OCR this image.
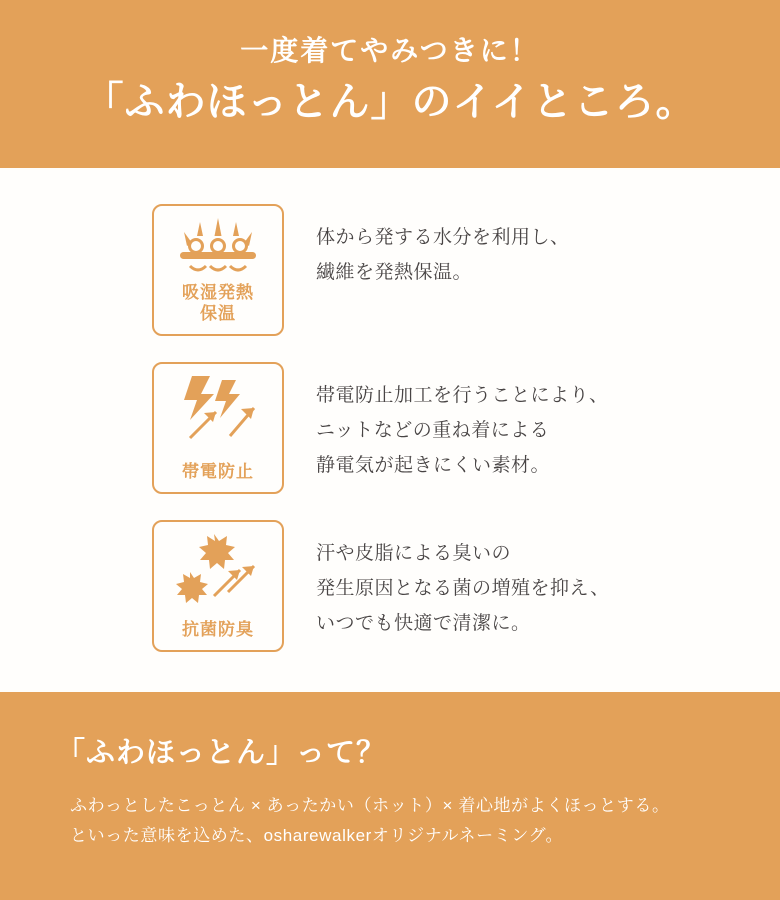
一度着てやみつきに！
「ふわほっとん」のイイところ。
吸湿発熱
保温
体から発する水分を利用し、
繊維を発熱保温。
帯電防止
帯電防止加工を行うことにより、
ニットなどの重ね着による
静電気が起きにくい素材。
抗菌防臭
汗や皮脂による臭いの
発生原因となる菌の増殖を抑え、
いつでも快適で清潔に。
「ふわほっとん」って？
ふわっとしたこっとん × あったかい（ホット）× 着心地がよくほっとする。
といった意味を込めた、osharewalkerオリジナルネーミング。
